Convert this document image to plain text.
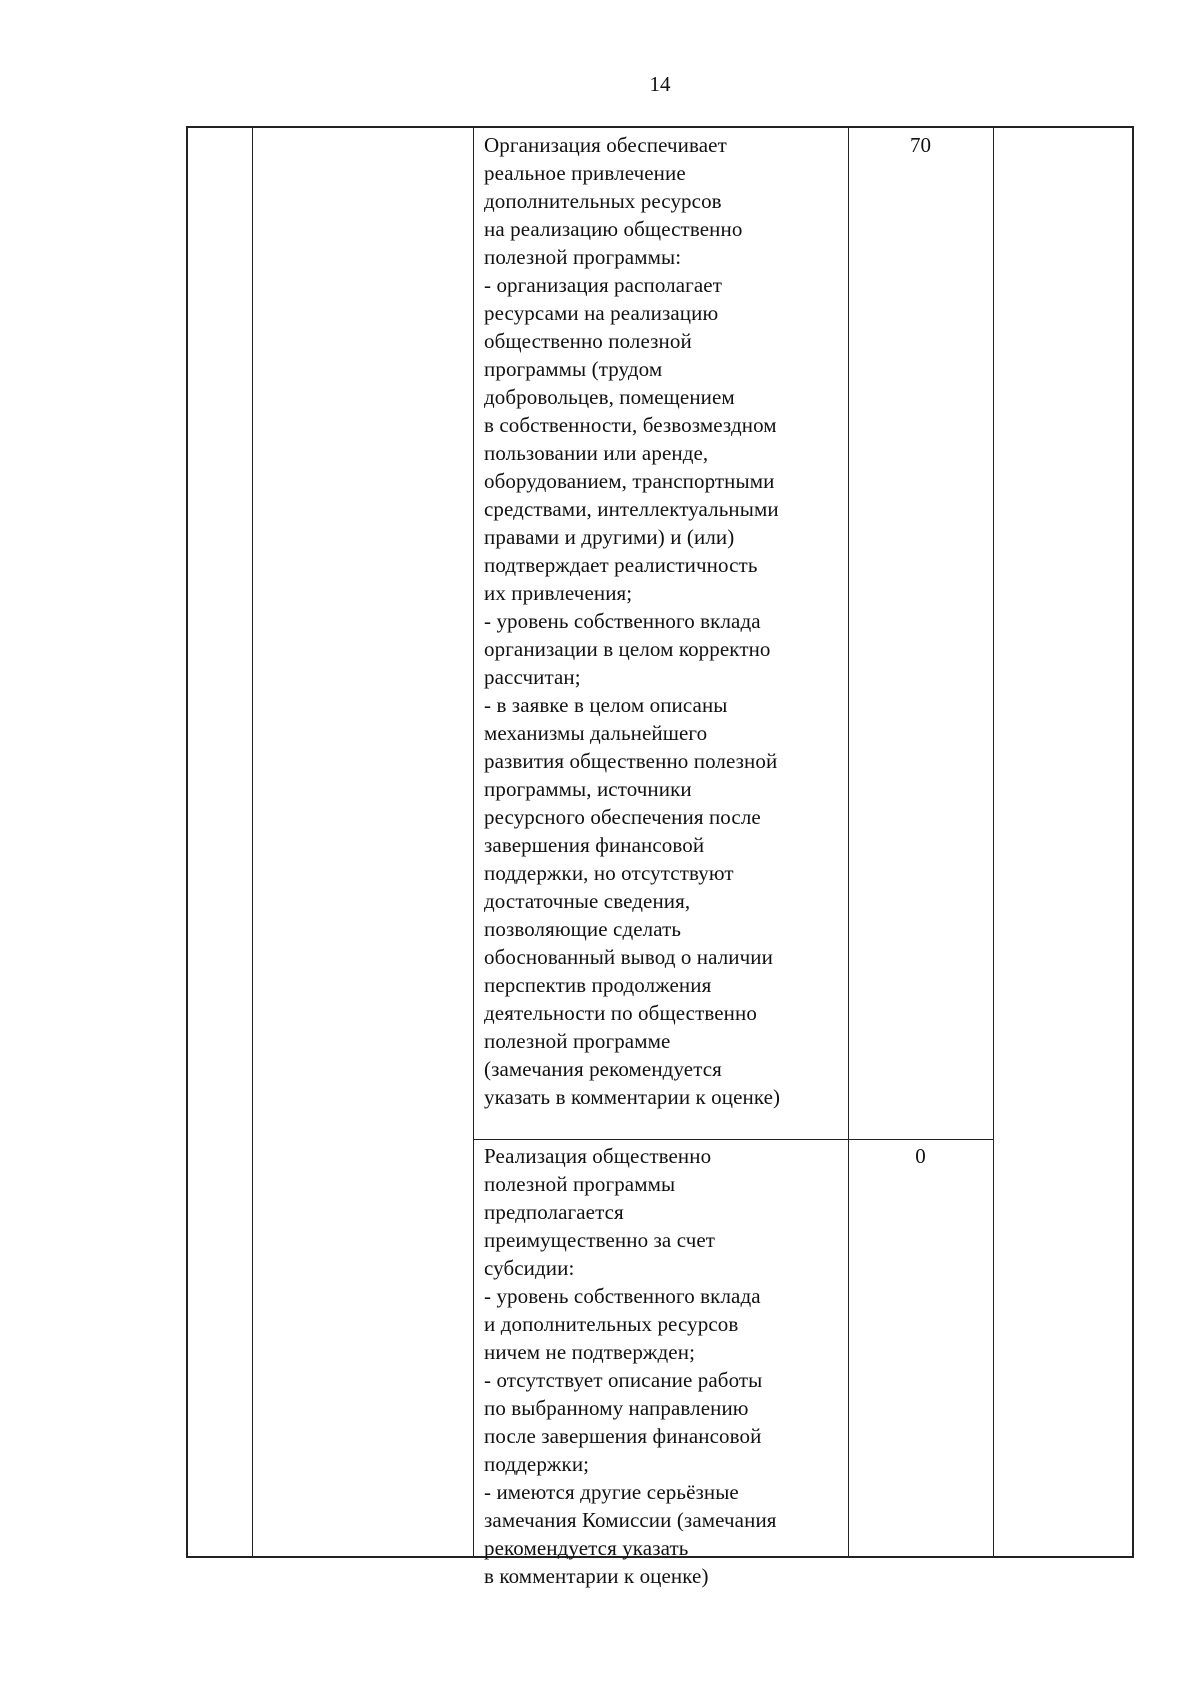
14
Организация обеспечивает
реальное привлечение
дополнительных ресурсов
на реализацию общественно
полезной программы:
- организация располагает
ресурсами на реализацию
общественно полезной
программы (трудом
добровольцев, помещением
в собственности, безвозмездном
пользовании или аренде,
оборудованием, транспортными
средствами, интеллектуальными
правами и другими) и (или)
подтверждает реалистичность
их привлечения;
- уровень собственного вклада
организации в целом корректно
рассчитан;
- в заявке в целом описаны
механизмы дальнейшего
развития общественно полезной
программы, источники
ресурсного обеспечения после
завершения финансовой
поддержки, но отсутствуют
достаточные сведения,
позволяющие сделать
обоснованный вывод о наличии
перспектив продолжения
деятельности по общественно
полезной программе
(замечания рекомендуется
указать в комментарии к оценке)
70
Реализация общественно
полезной программы
предполагается
преимущественно за счет
субсидии:
- уровень собственного вклада
и дополнительных ресурсов
ничем не подтвержден;
- отсутствует описание работы
по выбранному направлению
после завершения финансовой
поддержки;
- имеются другие серьёзные
замечания Комиссии (замечания
рекомендуется указать
в комментарии к оценке)
0
